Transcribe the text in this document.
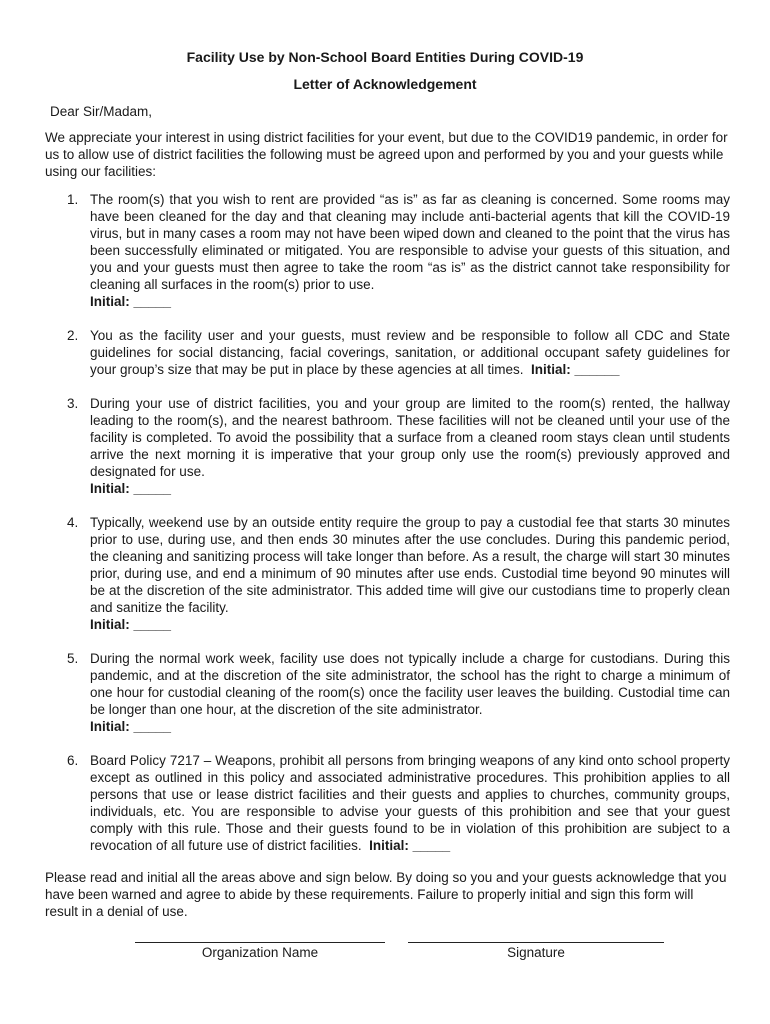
Facility Use by Non-School Board Entities During COVID-19
Letter of Acknowledgement
Dear Sir/Madam,
We appreciate your interest in using district facilities for your event, but due to the COVID19 pandemic, in order for us to allow use of district facilities the following must be agreed upon and performed by you and your guests while using our facilities:
1. The room(s) that you wish to rent are provided “as is” as far as cleaning is concerned. Some rooms may have been cleaned for the day and that cleaning may include anti-bacterial agents that kill the COVID-19 virus, but in many cases a room may not have been wiped down and cleaned to the point that the virus has been successfully eliminated or mitigated. You are responsible to advise your guests of this situation, and you and your guests must then agree to take the room “as is” as the district cannot take responsibility for cleaning all surfaces in the room(s) prior to use.
Initial: _____
2. You as the facility user and your guests, must review and be responsible to follow all CDC and State guidelines for social distancing, facial coverings, sanitation, or additional occupant safety guidelines for your group’s size that may be put in place by these agencies at all times. Initial: ______
3. During your use of district facilities, you and your group are limited to the room(s) rented, the hallway leading to the room(s), and the nearest bathroom. These facilities will not be cleaned until your use of the facility is completed. To avoid the possibility that a surface from a cleaned room stays clean until students arrive the next morning it is imperative that your group only use the room(s) previously approved and designated for use.
Initial: _____
4. Typically, weekend use by an outside entity require the group to pay a custodial fee that starts 30 minutes prior to use, during use, and then ends 30 minutes after the use concludes. During this pandemic period, the cleaning and sanitizing process will take longer than before. As a result, the charge will start 30 minutes prior, during use, and end a minimum of 90 minutes after use ends. Custodial time beyond 90 minutes will be at the discretion of the site administrator. This added time will give our custodians time to properly clean and sanitize the facility.
Initial: _____
5. During the normal work week, facility use does not typically include a charge for custodians. During this pandemic, and at the discretion of the site administrator, the school has the right to charge a minimum of one hour for custodial cleaning of the room(s) once the facility user leaves the building. Custodial time can be longer than one hour, at the discretion of the site administrator.
Initial: _____
6. Board Policy 7217 – Weapons, prohibit all persons from bringing weapons of any kind onto school property except as outlined in this policy and associated administrative procedures. This prohibition applies to all persons that use or lease district facilities and their guests and applies to churches, community groups, individuals, etc. You are responsible to advise your guests of this prohibition and see that your guest comply with this rule. Those and their guests found to be in violation of this prohibition are subject to a revocation of all future use of district facilities. Initial: _____
Please read and initial all the areas above and sign below. By doing so you and your guests acknowledge that you have been warned and agree to abide by these requirements. Failure to properly initial and sign this form will result in a denial of use.
Organization Name	Signature
